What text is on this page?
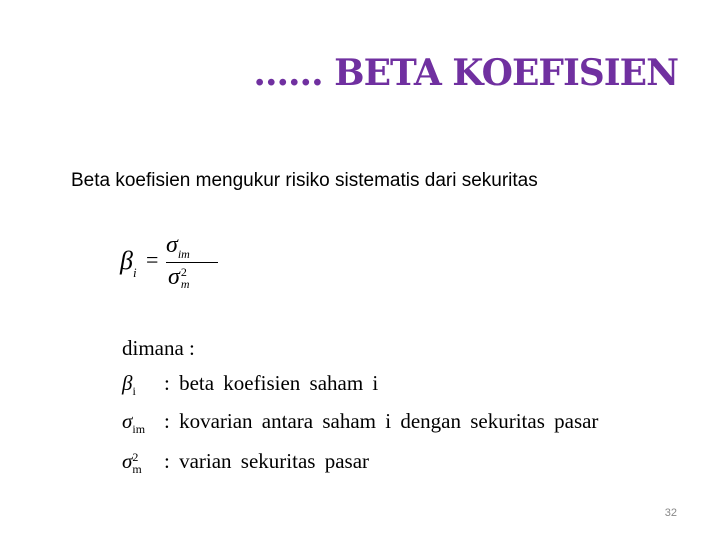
...... BETA KOEFISIEN
Beta koefisien mengukur risiko sistematis dari sekuritas
$\beta_i$
=
$\sigma_{im}$
σ 2
m
dimana :
$\beta_i$ : beta koefisien saham i
$\sigma_{im}$ : kovarian antara saham i dengan sekuritas pasar
σ 2
m : varian sekuritas pasar
32
